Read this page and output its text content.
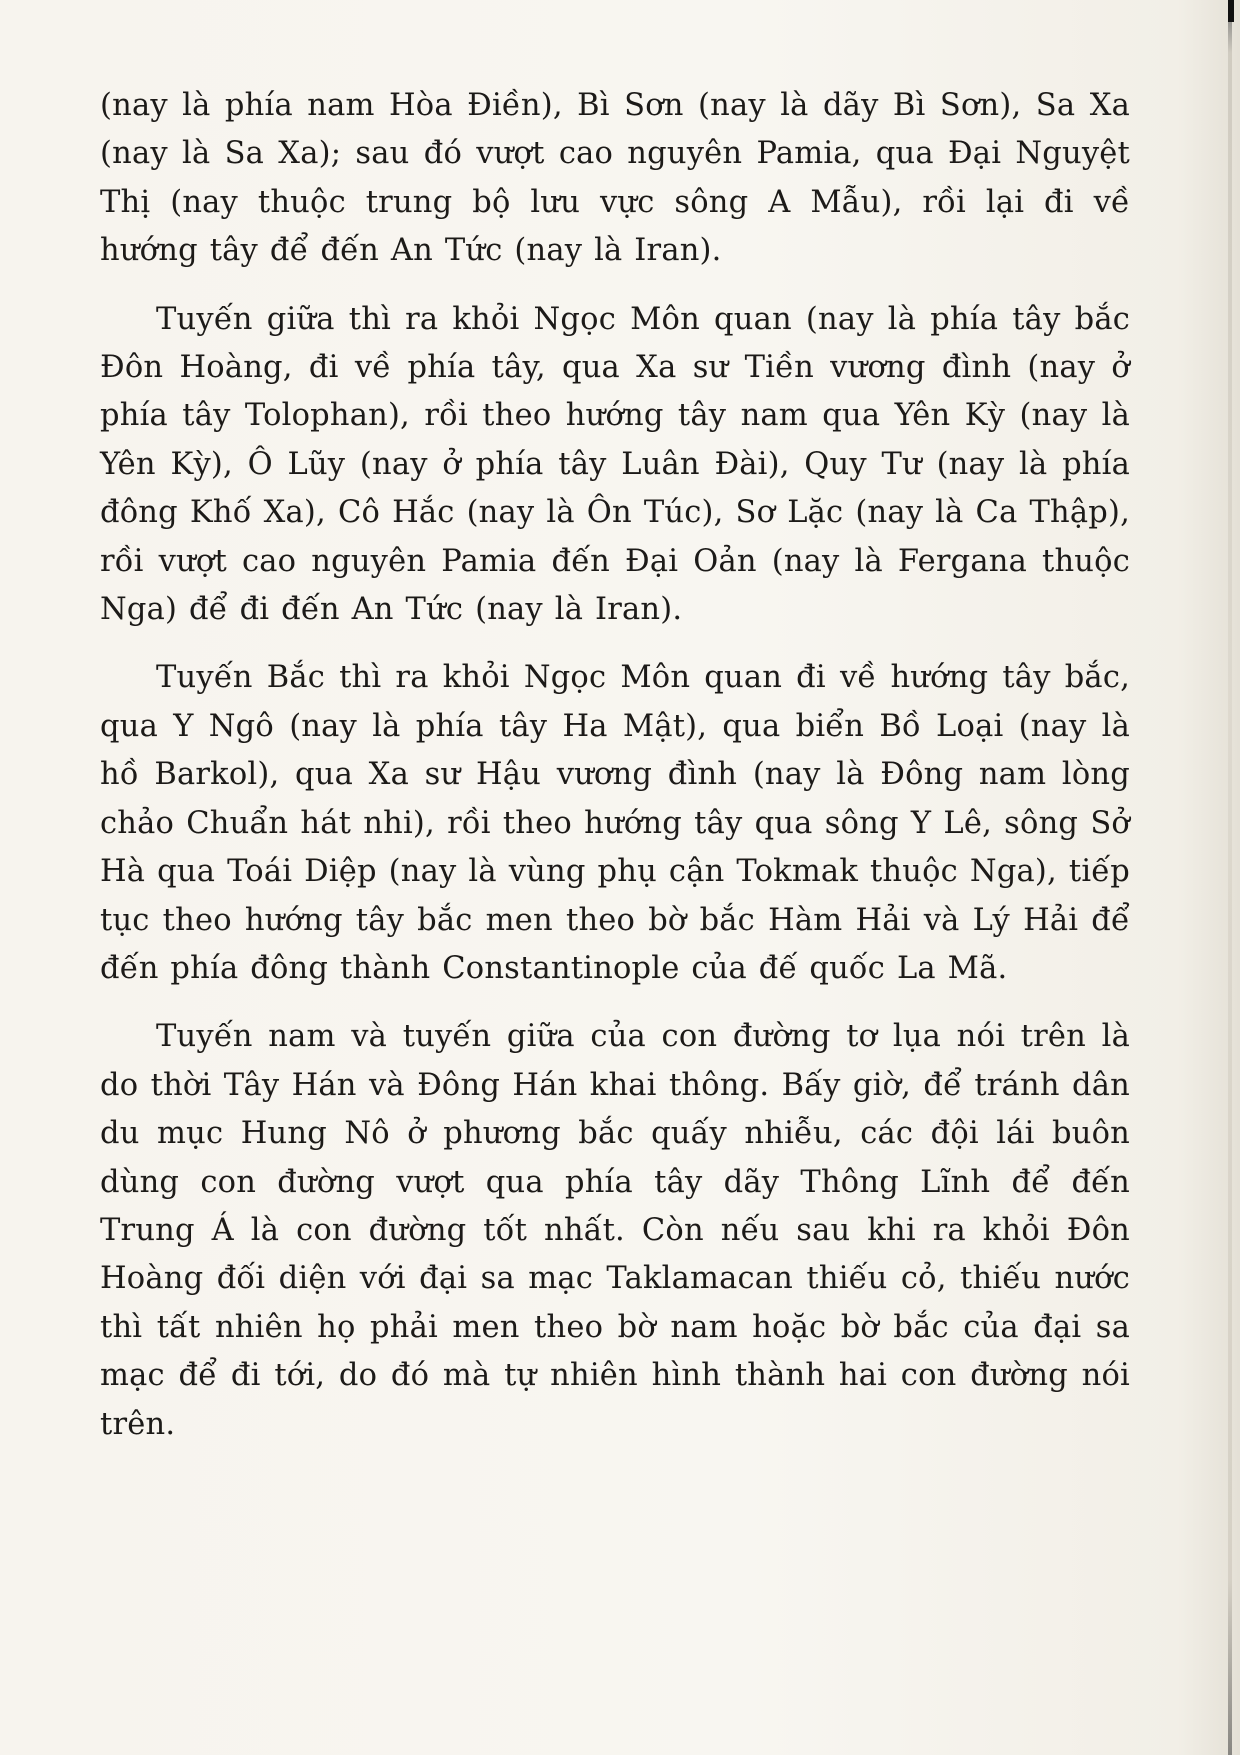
(nay là phía nam Hòa Điền), Bì Sơn (nay là dãy Bì Sơn), Sa Xa (nay là Sa Xa); sau đó vượt cao nguyên Pamia, qua Đại Nguyệt Thị (nay thuộc trung bộ lưu vực sông A Mẫu), rồi lại đi về hướng tây để đến An Tức (nay là Iran).

Tuyến giữa thì ra khỏi Ngọc Môn quan (nay là phía tây bắc Đôn Hoàng, đi về phía tây, qua Xa sư Tiền vương đình (nay ở phía tây Tolophan), rồi theo hướng tây nam qua Yên Kỳ (nay là Yên Kỳ), Ô Lũy (nay ở phía tây Luân Đài), Quy Tư (nay là phía đông Khố Xa), Cô Hắc (nay là Ôn Túc), Sơ Lặc (nay là Ca Thập), rồi vượt cao nguyên Pamia đến Đại Oản (nay là Fergana thuộc Nga) để đi đến An Tức (nay là Iran).

Tuyến Bắc thì ra khỏi Ngọc Môn quan đi về hướng tây bắc, qua Y Ngô (nay là phía tây Ha Mật), qua biển Bồ Loại (nay là hồ Barkol), qua Xa sư Hậu vương đình (nay là Đông nam lòng chảo Chuẩn hát nhi), rồi theo hướng tây qua sông Y Lê, sông Sở Hà qua Toái Diệp (nay là vùng phụ cận Tokmak thuộc Nga), tiếp tục theo hướng tây bắc men theo bờ bắc Hàm Hải và Lý Hải để đến phía đông thành Constantinople của đế quốc La Mã.

Tuyến nam và tuyến giữa của con đường tơ lụa nói trên là do thời Tây Hán và Đông Hán khai thông. Bấy giờ, để tránh dân du mục Hung Nô ở phương bắc quấy nhiễu, các đội lái buôn dùng con đường vượt qua phía tây dãy Thông Lĩnh để đến Trung Á là con đường tốt nhất. Còn nếu sau khi ra khỏi Đôn Hoàng đối diện với đại sa mạc Taklamacan thiếu cỏ, thiếu nước thì tất nhiên họ phải men theo bờ nam hoặc bờ bắc của đại sa mạc để đi tới, do đó mà tự nhiên hình thành hai con đường nói trên.
